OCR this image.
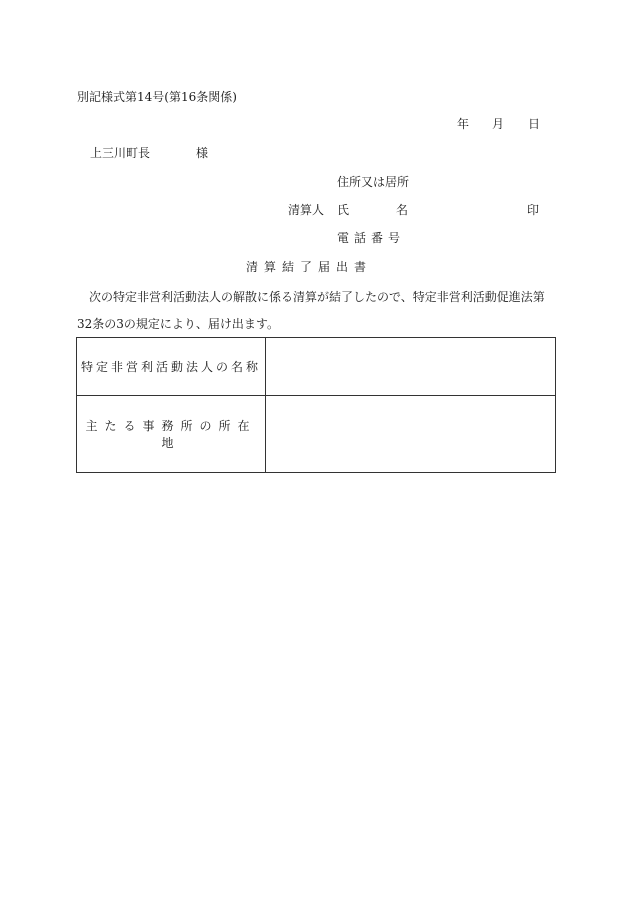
別記様式第14号(第16条関係)
年 月 日
上三川町長	様
住所又は居所
清算人 氏	名	印
電話番号
清算結了届出書
次の特定非営利活動法人の解散に係る清算が結了したので、特定非営利活動促進法第32条の3の規定により、届け出ます。
特定非営利活動法人の名称	
主たる事務所の所在地	
